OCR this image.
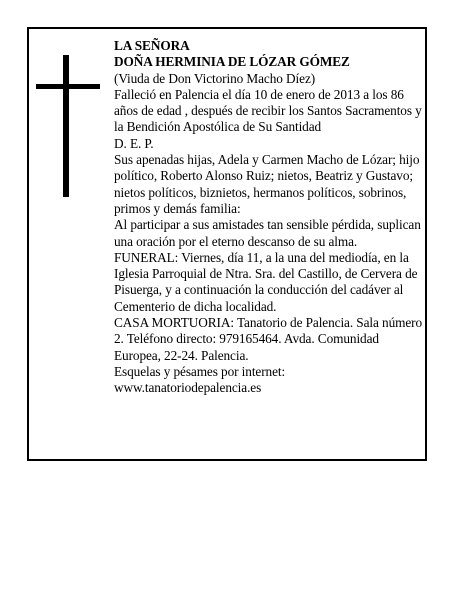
LA SEÑORA

DOÑA HERMINIA DE LÓZAR GÓMEZ

(Viuda de Don Victorino Macho Díez)

Falleció en Palencia el día 10 de enero de 2013 a los 86 años de edad , después de recibir los Santos Sacramentos y la Bendición Apostólica de Su Santidad

D. E. P.

Sus apenadas hijas, Adela y Carmen Macho de Lózar; hijo político, Roberto Alonso Ruiz; nietos, Beatriz y Gustavo; nietos políticos, biznietos, hermanos políticos, sobrinos, primos y demás familia:

Al participar a sus amistades tan sensible pérdida, suplican una oración por el eterno descanso de su alma.

FUNERAL: Viernes, día 11, a la una del mediodía, en la Iglesia Parroquial de Ntra. Sra. del Castillo, de Cervera de Pisuerga, y a continuación la conducción del cadáver al Cementerio de dicha localidad.

CASA MORTUORIA: Tanatorio de Palencia. Sala número 2. Teléfono directo: 979165464. Avda. Comunidad Europea, 22-24. Palencia.

Esquelas y pésames por internet:

www.tanatoriodepalencia.es
